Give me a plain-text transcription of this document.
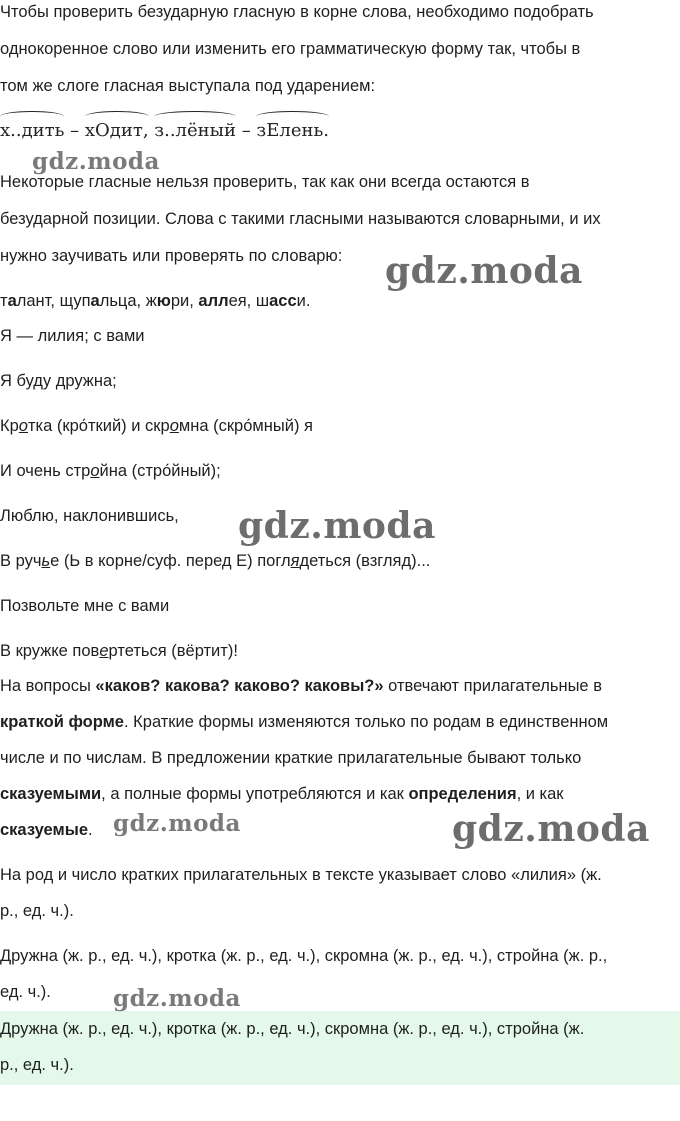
Чтобы проверить безударную гласную в корне слова, необходимо подобрать
однокоренное слово или изменить его грамматическую форму так, чтобы в
том же слоге гласная выступала под ударением:
х..дить – хОдит, з..лёный – зЕлень.
gdz.moda
Некоторые гласные нельзя проверить, так как они всегда остаются в
безударной позиции. Слова с такими гласными называются словарными, и их
нужно заучивать или проверять по словарю: gdz.moda
талант, щупальца, жюри, аллея, шасси.
Я — лилия; с вами
Я буду дружна;
Кротка (кро́ткий) и скромна (скро́мный) я
И очень стройна (стро́йный);
Люблю, наклонившись, gdz.moda
В ручье (Ь в корне/суф. перед Е) поглядеться (взгляд)...
Позвольте мне с вами
В кружке повертеться (вёртит)!
На вопросы «каков? какова? каково? каковы?» отвечают прилагательные в
краткой форме. Краткие формы изменяются только по родам в единственном
числе и по числам. В предложении краткие прилагательные бывают только
сказуемыми, а полные формы употребляются и как определения, и как
сказуемые. gdz.moda	gdz.moda
На род и число кратких прилагательных в тексте указывает слово «лилия» (ж.
р., ед. ч.).
Дружна (ж. р., ед. ч.), кротка (ж. р., ед. ч.), скромна (ж. р., ед. ч.), стройна (ж. р.,
ед. ч.).	gdz.moda
Дружна (ж. р., ед. ч.), кротка (ж. р., ед. ч.), скромна (ж. р., ед. ч.), стройна (ж.
р., ед. ч.).
